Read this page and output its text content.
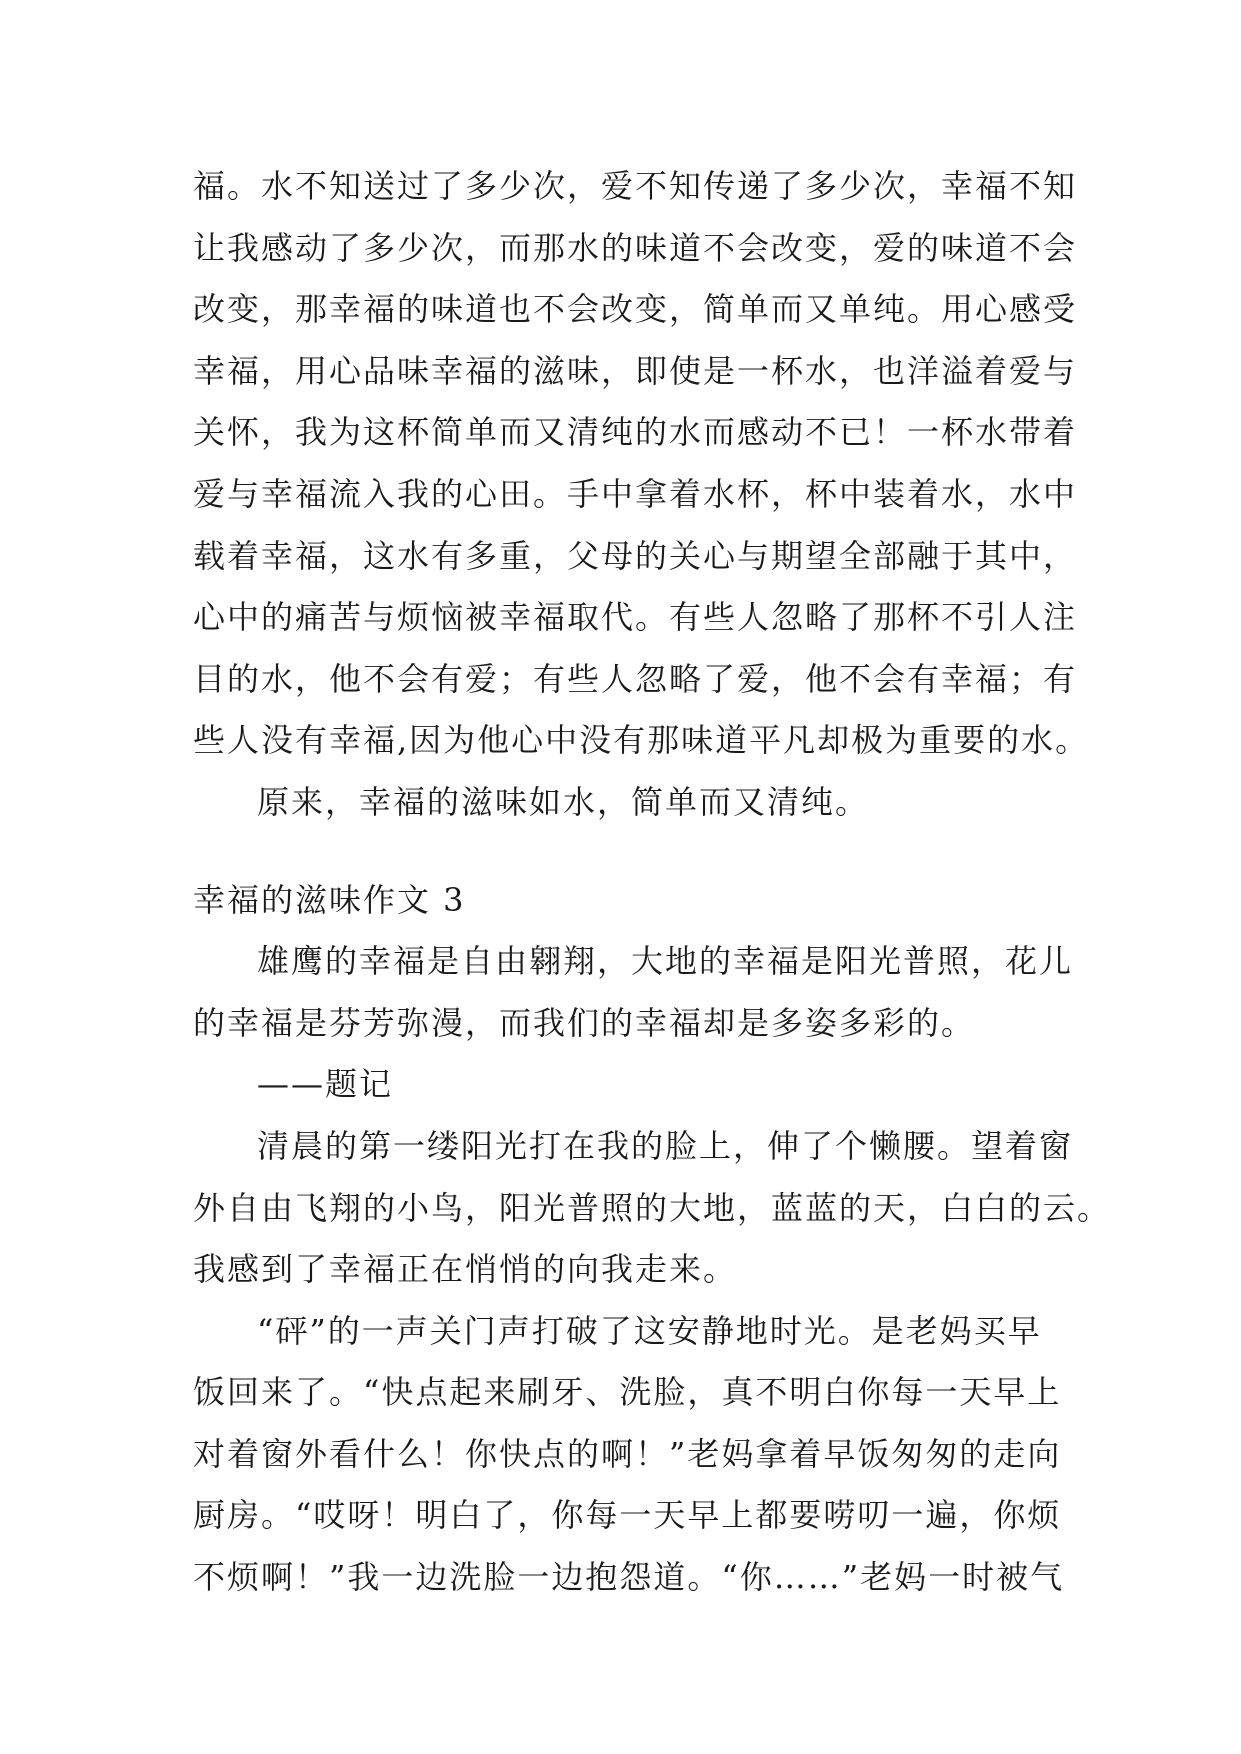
福。水不知送过了多少次，爱不知传递了多少次，幸福不知
让我感动了多少次，而那水的味道不会改变，爱的味道不会
改变，那幸福的味道也不会改变，简单而又单纯。用心感受
幸福，用心品味幸福的滋味，即使是一杯水，也洋溢着爱与
关怀，我为这杯简单而又清纯的水而感动不已！一杯水带着
爱与幸福流入我的心田。手中拿着水杯，杯中装着水，水中
载着幸福，这水有多重，父母的关心与期望全部融于其中，
心中的痛苦与烦恼被幸福取代。有些人忽略了那杯不引人注
目的水，他不会有爱；有些人忽略了爱，他不会有幸福；有
些人没有幸福,因为他心中没有那味道平凡却极为重要的水。
原来，幸福的滋味如水，简单而又清纯。
幸福的滋味作文 3
雄鹰的幸福是自由翱翔，大地的幸福是阳光普照，花儿
的幸福是芬芳弥漫，而我们的幸福却是多姿多彩的。
——题记
清晨的第一缕阳光打在我的脸上，伸了个懒腰。望着窗
外自由飞翔的小鸟，阳光普照的大地，蓝蓝的天，白白的云。
我感到了幸福正在悄悄的向我走来。
“砰”的一声关门声打破了这安静地时光。是老妈买早
饭回来了。“快点起来刷牙、洗脸，真不明白你每一天早上
对着窗外看什么！你快点的啊！”老妈拿着早饭匆匆的走向
厨房。“哎呀！明白了，你每一天早上都要唠叨一遍，你烦
不烦啊！”我一边洗脸一边抱怨道。“你……”老妈一时被气
